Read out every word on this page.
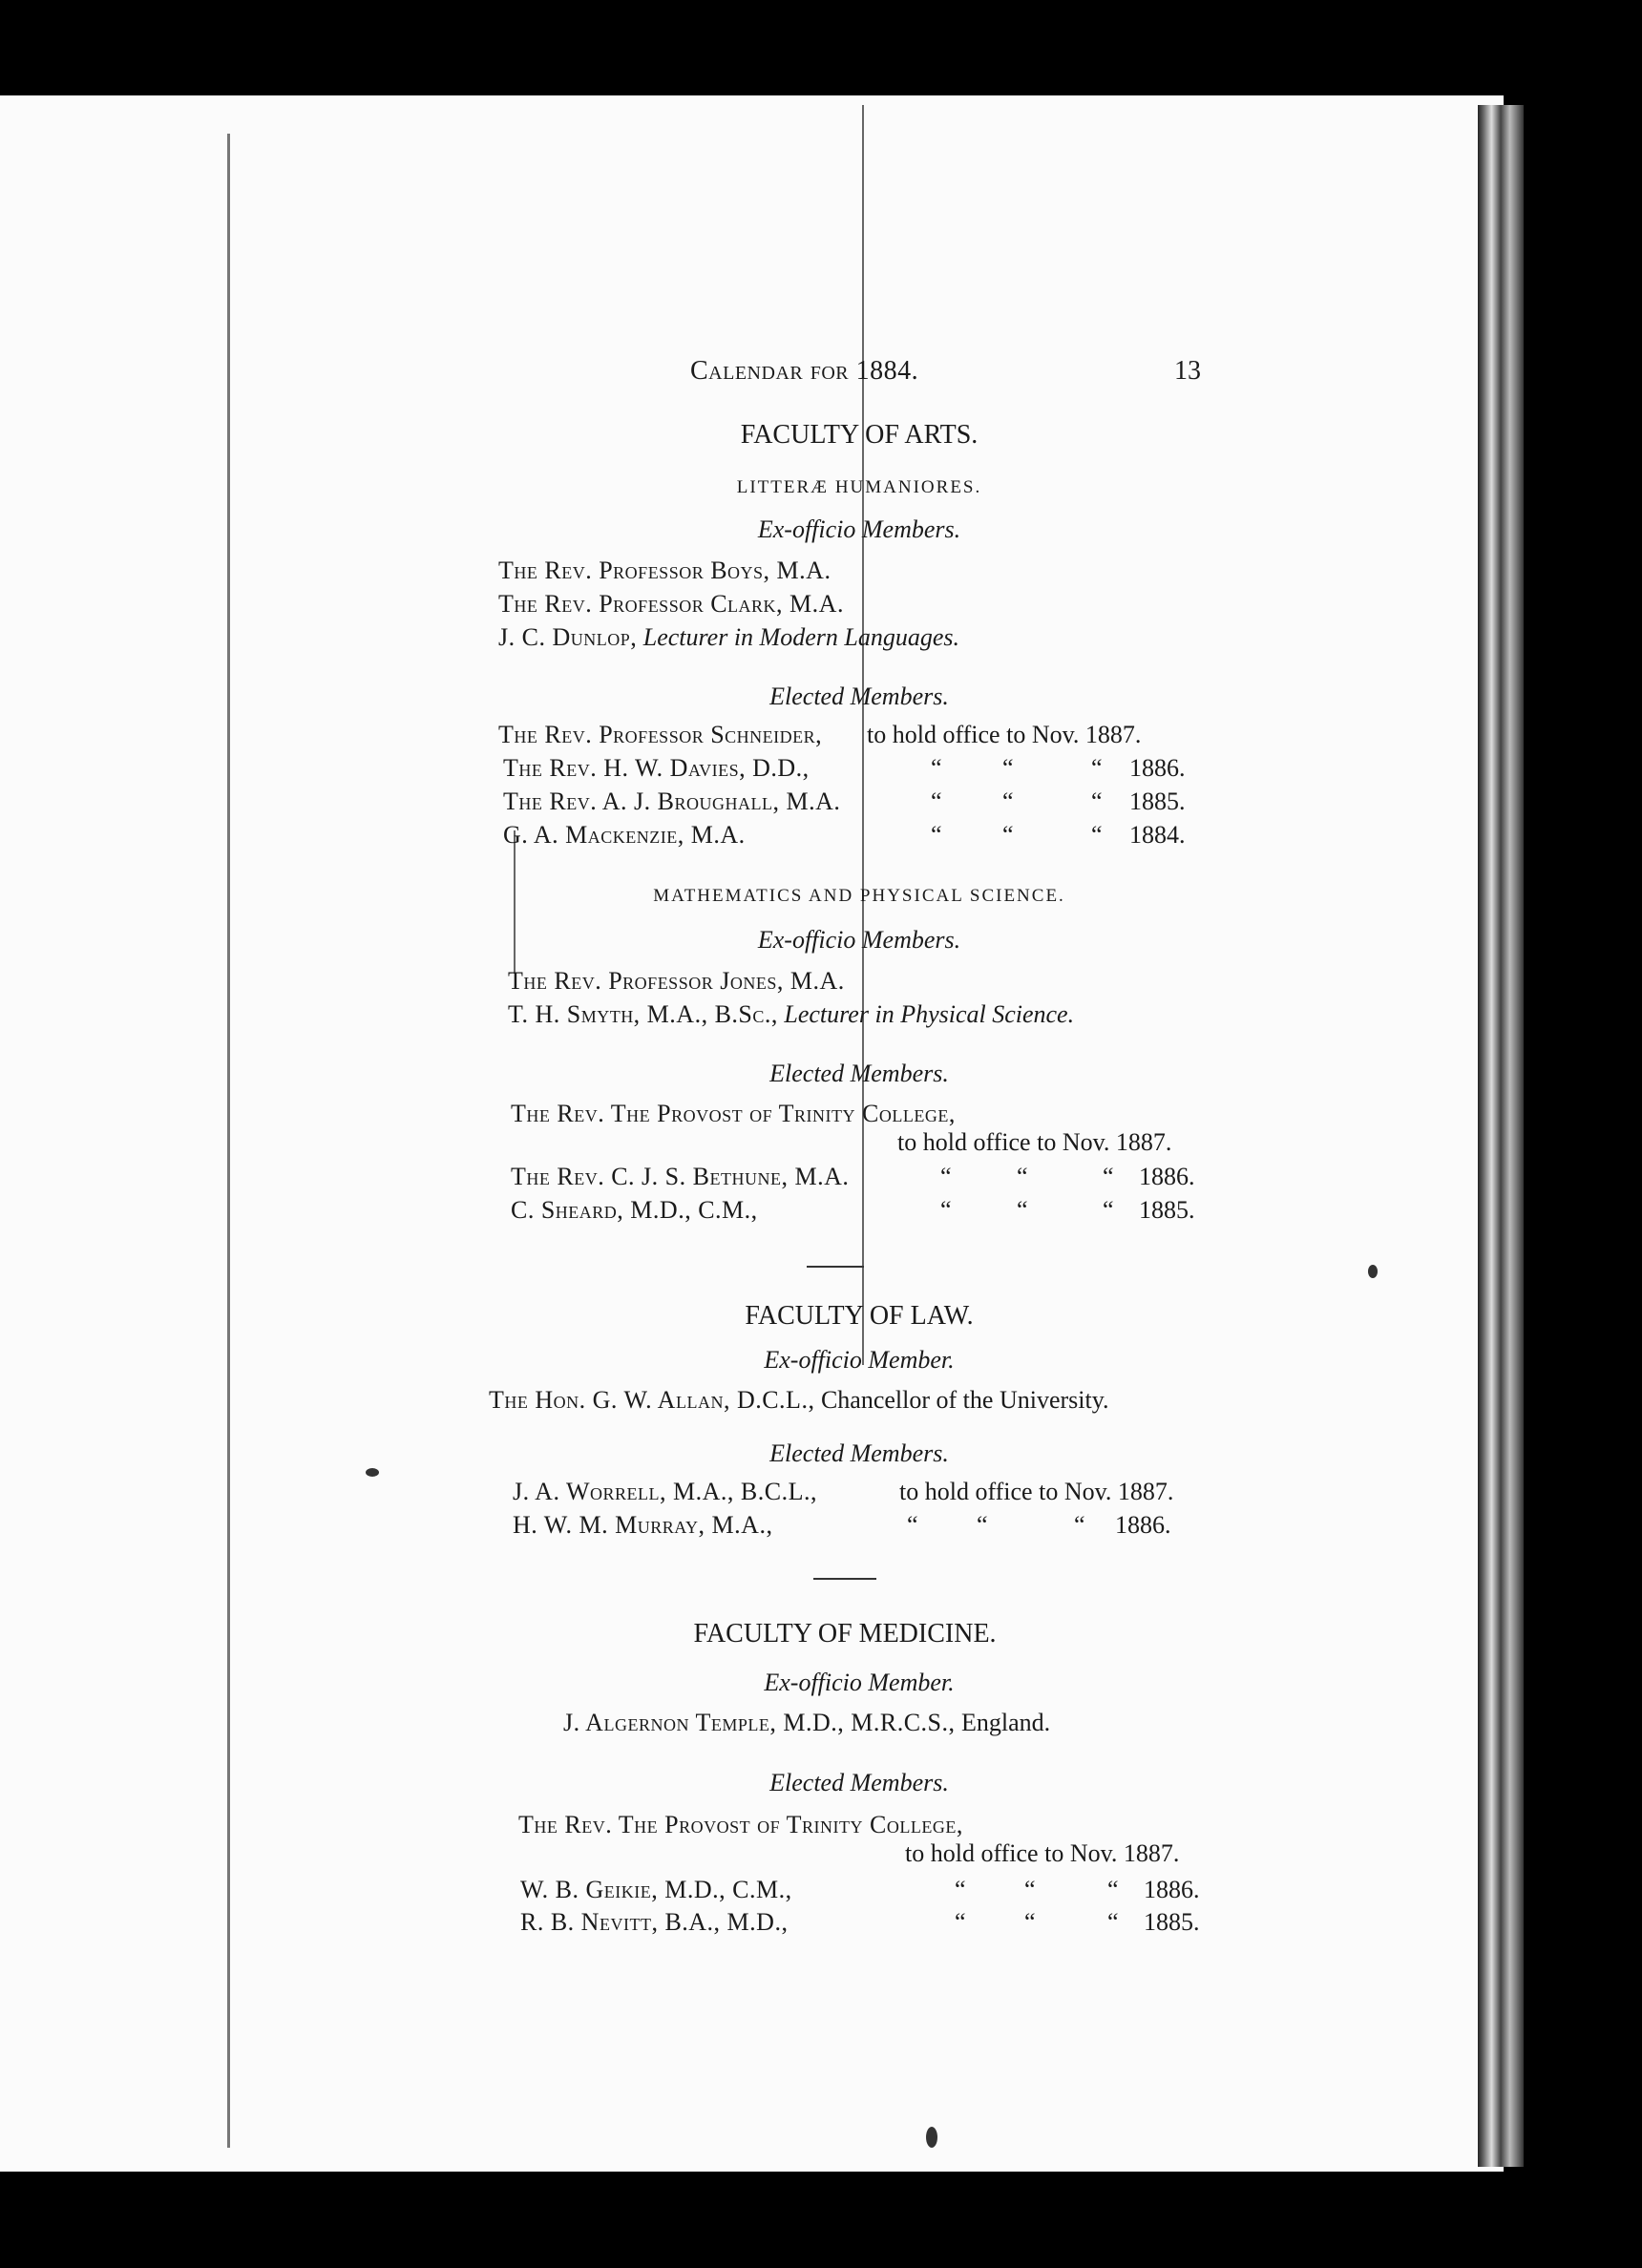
Calendar for 1884.	13
FACULTY OF ARTS.
LITTERÆ HUMANIORES.
Ex-officio Members.
The Rev. Professor Boys, M.A.
The Rev. Professor Clark, M.A.
J. C. Dunlop, Lecturer in Modern Languages.
Elected Members.
The Rev. Professor Schneider, to hold office to Nov. 1887.
The Rev. H. W. Davies, D.D.,	“ “	“ 1886.
The Rev. A. J. Broughall, M.A.	“ “	“ 1885.
G. A. Mackenzie, M.A.	“ “	“ 1884.
MATHEMATICS AND PHYSICAL SCIENCE.
Ex-officio Members.
The Rev. Professor Jones, M.A.
T. H. Smyth, M.A., B.Sc., Lecturer in Physical Science.
Elected Members.
The Rev. The Provost of Trinity College,
to hold office to Nov. 1887.
The Rev. C. J. S. Bethune, M.A.	“	“	“ 1886.
C. Sheard, M.D., C.M.,	“	“	“ 1885.
FACULTY OF LAW.
Ex-officio Member.
The Hon. G. W. Allan, D.C.L., Chancellor of the University.
Elected Members.
J. A. Worrell, M.A., B.C.L.,	to hold office to Nov. 1887.
H. W. M. Murray, M.A.,	“ “	“ 1886.
FACULTY OF MEDICINE.
Ex-officio Member.
J. Algernon Temple, M.D., M.R.C.S., England.
Elected Members.
The Rev. The Provost of Trinity College,
to hold office to Nov. 1887.
W. B. Geikie, M.D., C.M.,	“ “	“ 1886.
R. B. Nevitt, B.A., M.D.,	“ “	“ 1885.
